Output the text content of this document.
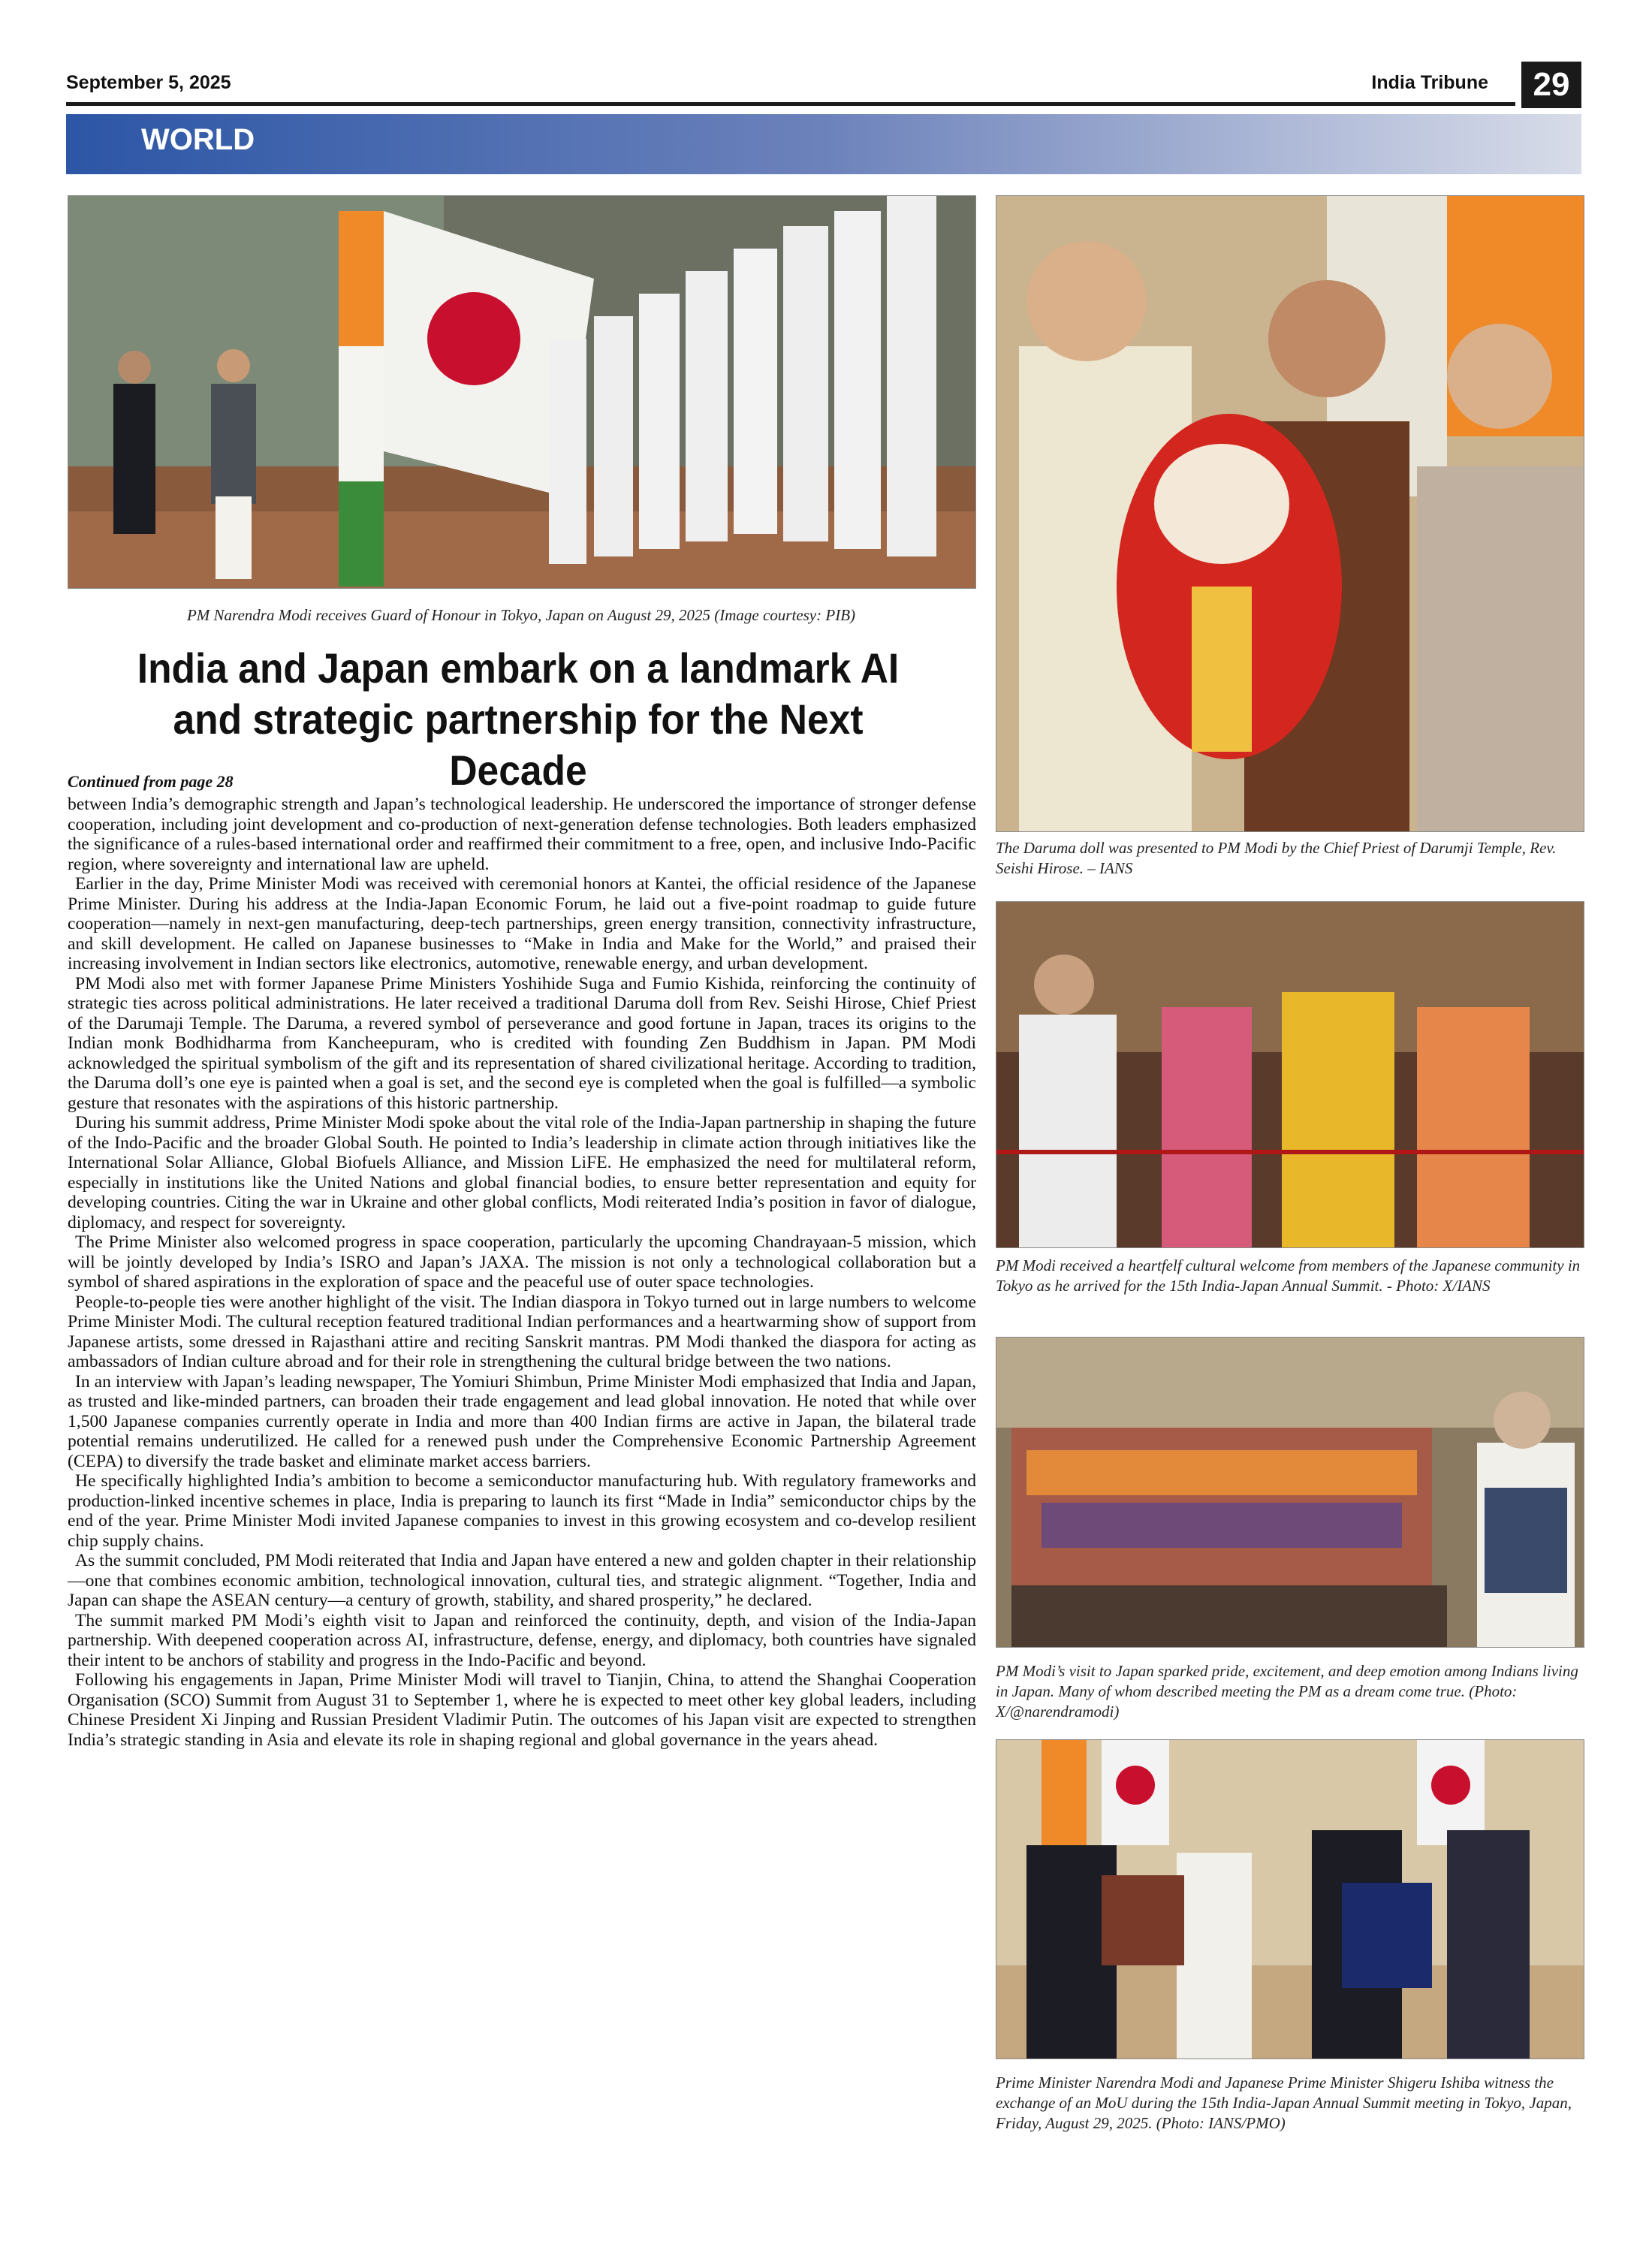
September 5, 2025	India Tribune	29
WORLD
PM Narendra Modi receives Guard of Honour in Tokyo, Japan on August 29, 2025 (Image courtesy: PIB)
India and Japan embark on a landmark AI and strategic partnership for the Next Decade
Continued from page 28

between India’s demographic strength and Japan’s technological leadership. He underscored the importance of stronger defense cooperation, including joint development and co-production of next-generation defense technologies. Both leaders emphasized the significance of a rules-based international order and reaffirmed their commitment to a free, open, and inclusive Indo-Pacific region, where sovereignty and international law are upheld.

Earlier in the day, Prime Minister Modi was received with ceremonial honors at Kantei, the official residence of the Japanese Prime Minister. During his address at the India-Japan Economic Forum, he laid out a five-point roadmap to guide future cooperation—namely in next-gen manufacturing, deep-tech partnerships, green energy transition, connectivity infrastructure, and skill development. He called on Japanese businesses to “Make in India and Make for the World,” and praised their increasing involvement in Indian sectors like electronics, automotive, renewable energy, and urban development.

PM Modi also met with former Japanese Prime Ministers Yoshihide Suga and Fumio Kishida, reinforcing the continuity of strategic ties across political administrations. He later received a traditional Daruma doll from Rev. Seishi Hirose, Chief Priest of the Darumaji Temple. The Daruma, a revered symbol of perseverance and good fortune in Japan, traces its origins to the Indian monk Bodhidharma from Kancheepuram, who is credited with founding Zen Buddhism in Japan. PM Modi acknowledged the spiritual symbolism of the gift and its representation of shared civilizational heritage. According to tradition, the Daruma doll’s one eye is painted when a goal is set, and the second eye is completed when the goal is fulfilled—a symbolic gesture that resonates with the aspirations of this historic partnership.

During his summit address, Prime Minister Modi spoke about the vital role of the India-Japan partnership in shaping the future of the Indo-Pacific and the broader Global South. He pointed to India’s leadership in climate action through initiatives like the International Solar Alliance, Global Biofuels Alliance, and Mission LiFE. He emphasized the need for multilateral reform, especially in institutions like the United Nations and global financial bodies, to ensure better representation and equity for developing countries. Citing the war in Ukraine and other global conflicts, Modi reiterated India’s position in favor of dialogue, diplomacy, and respect for sovereignty.

The Prime Minister also welcomed progress in space cooperation, particularly the upcoming Chandrayaan-5 mission, which will be jointly developed by India’s ISRO and Japan’s JAXA. The mission is not only a technological collaboration but a symbol of shared aspirations in the exploration of space and the peaceful use of outer space technologies.

People-to-people ties were another highlight of the visit. The Indian diaspora in Tokyo turned out in large numbers to welcome Prime Minister Modi. The cultural reception featured traditional Indian performances and a heartwarming show of support from Japanese artists, some dressed in Rajasthani attire and reciting Sanskrit mantras. PM Modi thanked the diaspora for acting as ambassadors of Indian culture abroad and for their role in strengthening the cultural bridge between the two nations.

In an interview with Japan’s leading newspaper, The Yomiuri Shimbun, Prime Minister Modi emphasized that India and Japan, as trusted and like-minded partners, can broaden their trade engagement and lead global innovation. He noted that while over 1,500 Japanese companies currently operate in India and more than 400 Indian firms are active in Japan, the bilateral trade potential remains underutilized. He called for a renewed push under the Comprehensive Economic Partnership Agreement (CEPA) to diversify the trade basket and eliminate market access barriers.

He specifically highlighted India’s ambition to become a semiconductor manufacturing hub. With regulatory frameworks and production-linked incentive schemes in place, India is preparing to launch its first “Made in India” semiconductor chips by the end of the year. Prime Minister Modi invited Japanese companies to invest in this growing ecosystem and co-develop resilient chip supply chains.

As the summit concluded, PM Modi reiterated that India and Japan have entered a new and golden chapter in their relationship—one that combines economic ambition, technological innovation, cultural ties, and strategic alignment. “Together, India and Japan can shape the ASEAN century—a century of growth, stability, and shared prosperity,” he declared.

The summit marked PM Modi’s eighth visit to Japan and reinforced the continuity, depth, and vision of the India-Japan partnership. With deepened cooperation across AI, infrastructure, defense, energy, and diplomacy, both countries have signaled their intent to be anchors of stability and progress in the Indo-Pacific and beyond.

Following his engagements in Japan, Prime Minister Modi will travel to Tianjin, China, to attend the Shanghai Cooperation Organisation (SCO) Summit from August 31 to September 1, where he is expected to meet other key global leaders, including Chinese President Xi Jinping and Russian President Vladimir Putin. The outcomes of his Japan visit are expected to strengthen India’s strategic standing in Asia and elevate its role in shaping regional and global governance in the years ahead.

The Daruma doll was presented to PM Modi by the Chief Priest of Darumji Temple, Rev. Seishi Hirose. – IANS
PM Modi received a heartfelf cultural welcome from members of the Japanese community in Tokyo as he arrived for the 15th India-Japan Annual Summit. - Photo: X/IANS
PM Modi’s visit to Japan sparked pride, excitement, and deep emotion among Indians living in Japan. Many of whom described meeting the PM as a dream come true. (Photo: X/@narendramodi)
Prime Minister Narendra Modi and Japanese Prime Minister Shigeru Ishiba witness the exchange of an MoU during the 15th India-Japan Annual Summit meeting in Tokyo, Japan, Friday, August 29, 2025. (Photo: IANS/PMO)
